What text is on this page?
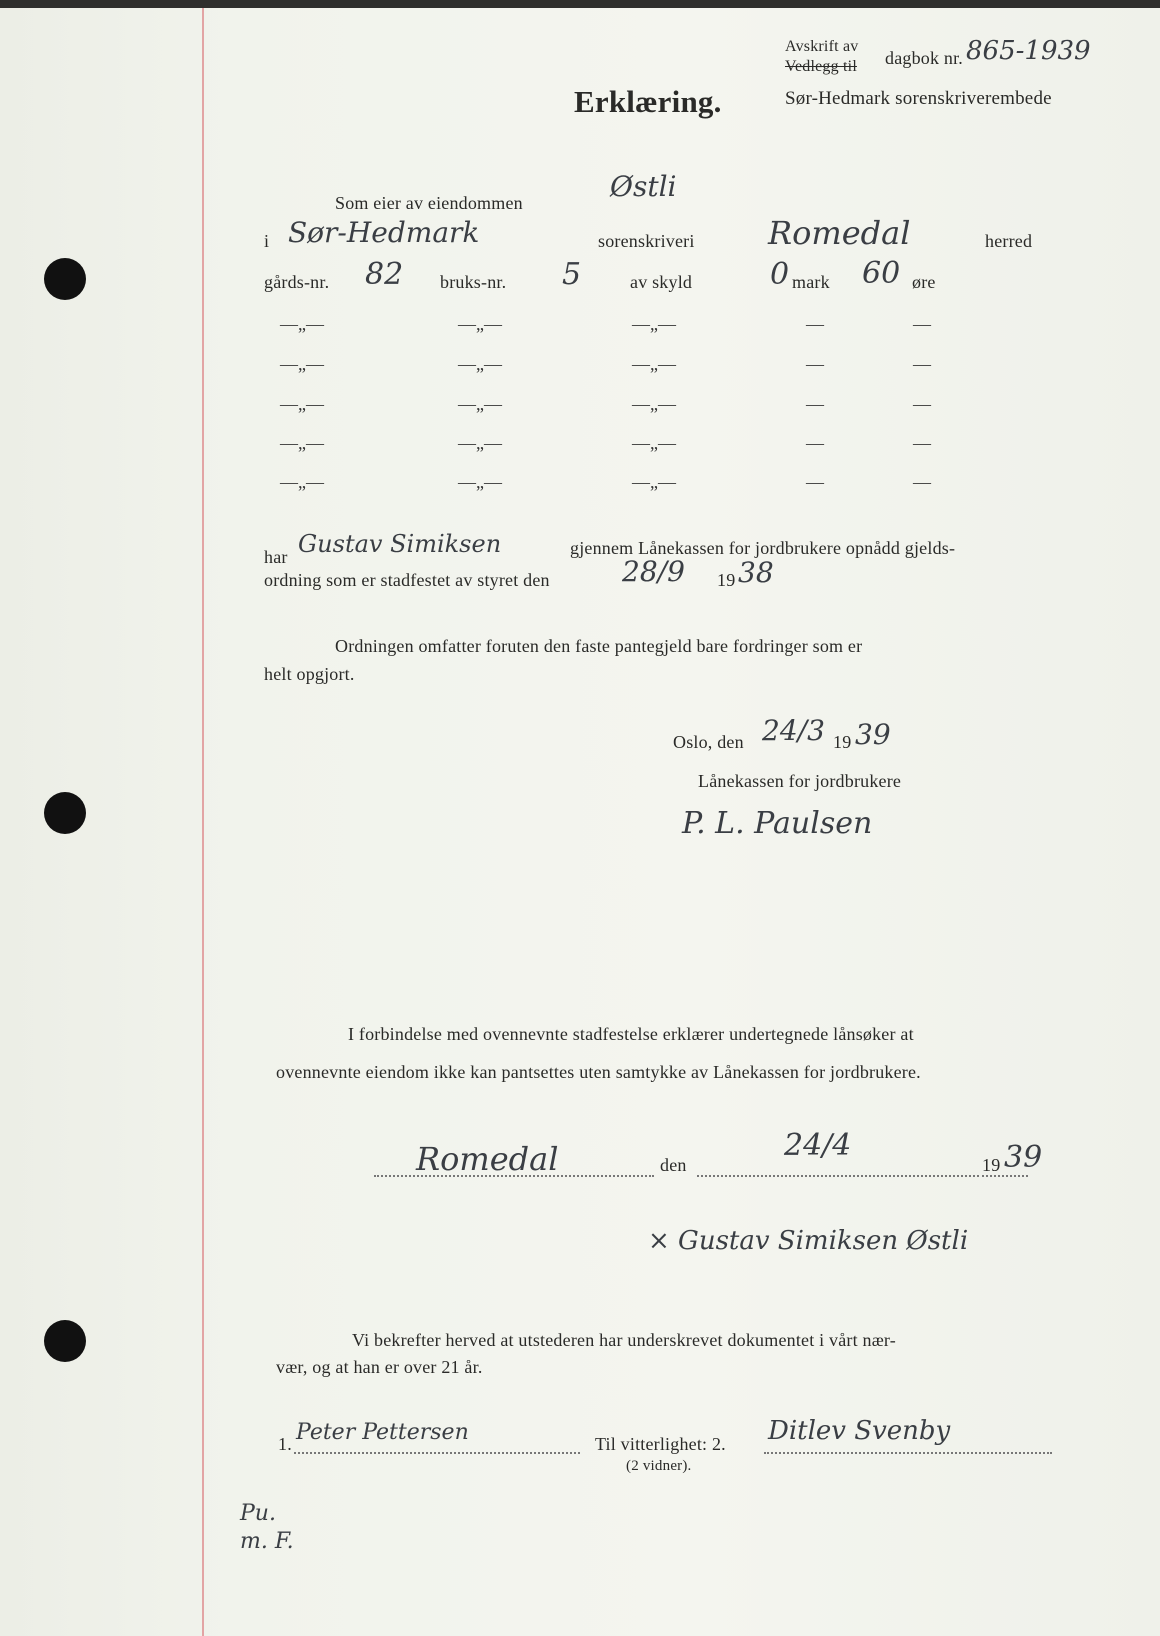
Avskrift av
Vedlegg til dagbok nr. 865-1939
Sør-Hedmark sorenskriverembede
Erklæring.
Som eier av eiendommen	Østli
i Sør-Hedmark	sorenskriveri Romedal	herred
gårds-nr. 82 bruks-nr. 5	av skyld	0 mark 60 øre
—„—	—„—	—„—	—	—
—„—	—„—	—„—	—	—
—„—	—„—	—„—	—	—
—„—	—„—	—„—	—	—
—„—	—„—	—„—	—	—
har Gustav Simiksen	gjennem Lånekassen for jordbrukere opnådd gjelds-
ordning som er stadfestet av styret den	28/9 19 38
Ordningen omfatter foruten den faste pantegjeld bare fordringer som er
helt opgjort.
Oslo, den 24/3 19 39
Lånekassen for jordbrukere
P. L. Paulsen
I forbindelse med ovennevnte stadfestelse erklærer undertegnede lånsøker at
ovennevnte eiendom ikke kan pantsettes uten samtykke av Lånekassen for jordbrukere.
Romedal	den
24/4
19 39
× Gustav Simiksen Østli
Vi bekrefter herved at utstederen har underskrevet dokumentet i vårt nær-
vær, og at han er over 21 år.
1. Peter Pettersen	Til vitterlighet: 2. Ditlev Svenby
(2 vidner).
Pu. m. F.
